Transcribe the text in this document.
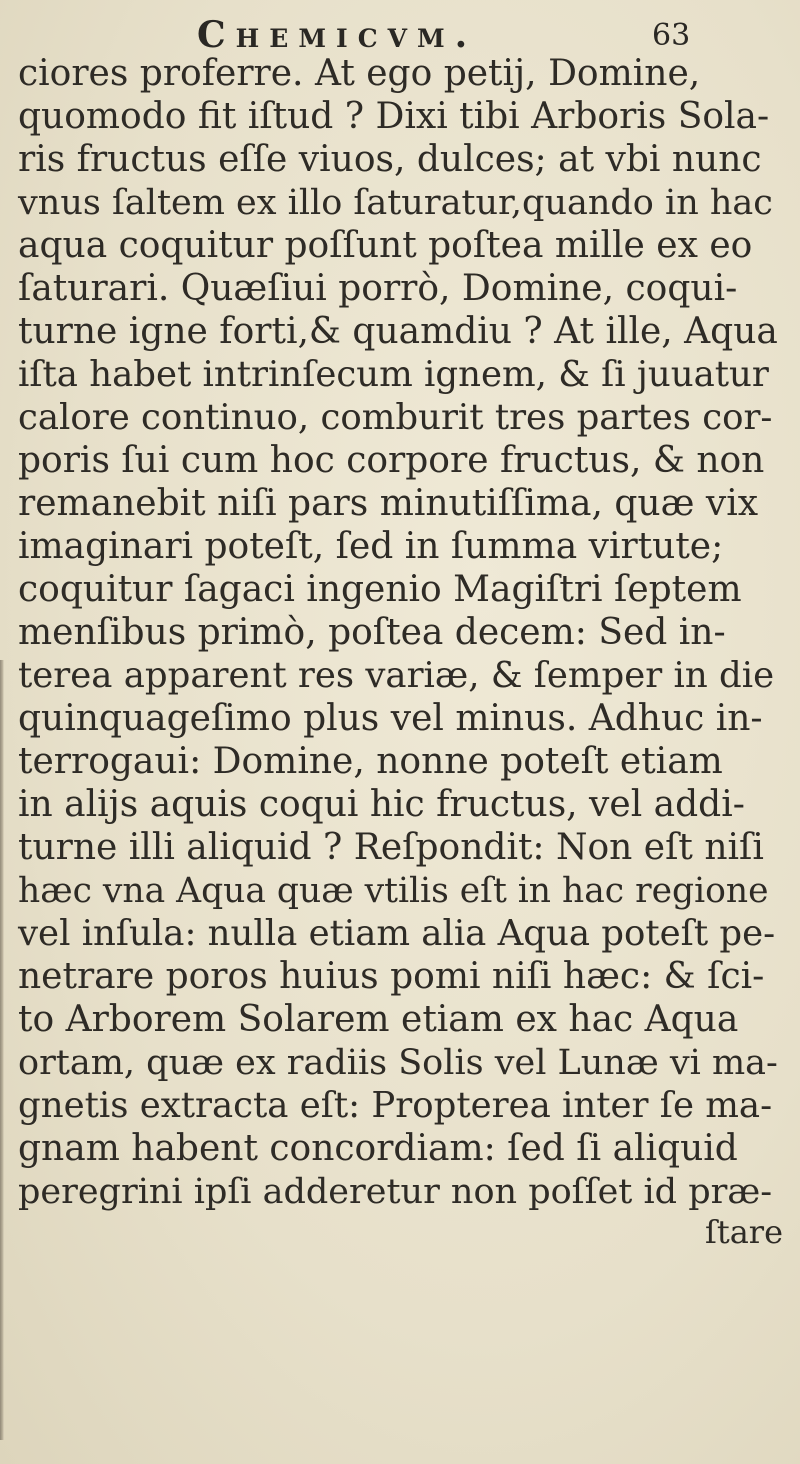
Chemicvm.	63
ciores proferre. At ego petij, Domine,
quomodo fit iſtud ? Dixi tibi Arboris Sola-
ris fructus eſſe viuos, dulces; at vbi nunc
vnus ſaltem ex illo ſaturatur,quando in hac
aqua coquitur poſſunt poſtea mille ex eo
ſaturari. Quæſiui porrò, Domine, coqui-
turne igne forti,& quamdiu ? At ille, Aqua
iſta habet intrinſecum ignem, & ſi juuatur
calore continuo, comburit tres partes cor-
poris ſui cum hoc corpore fructus, & non
remanebit niſi pars minutiſſima, quæ vix
imaginari poteſt, ſed in ſumma virtute;
coquitur ſagaci ingenio Magiſtri ſeptem
menſibus primò, poſtea decem: Sed in-
terea apparent res variæ, & ſemper in die
quinquageſimo plus vel minus. Adhuc in-
terrogaui: Domine, nonne poteſt etiam
in alijs aquis coqui hic fructus, vel addi-
turne illi aliquid ? Reſpondit: Non eſt niſi
hæc vna Aqua quæ vtilis eſt in hac regione
vel inſula: nulla etiam alia Aqua poteſt pe-
netrare poros huius pomi niſi hæc: & ſci-
to Arborem Solarem etiam ex hac Aqua
ortam, quæ ex radiis Solis vel Lunæ vi ma-
gnetis extracta eſt: Propterea inter ſe ma-
gnam habent concordiam: ſed ſi aliquid
peregrini ipſi adderetur non poſſet id præ-
ſtare
